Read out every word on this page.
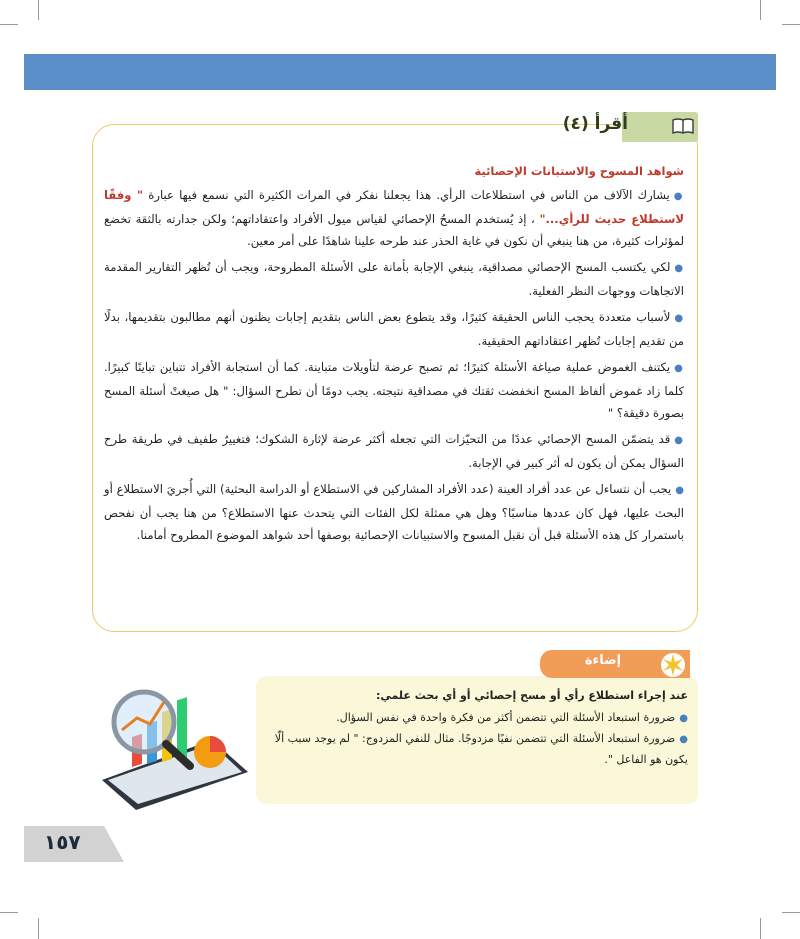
أقرأ (٤)
شواهد المسوح والاستبانات الإحصائية

●يشارك الآلاف من الناس في استطلاعات الرأي. هذا يجعلنا نفكر في المرات الكثيرة التي نسمع فيها عبارة " وفقًا لاستطلاع حديث للرأي..." ، إذ يُستخدم المسحُ الإحصائي لقياس ميول الأفراد واعتقاداتهم؛ ولكن جدارته بالثقة تخضع لمؤثرات كثيرة، من هنا ينبغي أن نكون في غاية الحذر عند طرحه علينا شاهدًا على أمر معين.

●لكي يكتسب المسح الإحصائي مصداقية، ينبغي الإجابة بأمانة على الأسئلة المطروحة، ويجب أن تُظهر التقارير المقدمة الاتجاهات ووجهات النظر الفعلية.

●لأسباب متعددة يحجب الناس الحقيقة كثيرًا، وقد يتطوع بعض الناس بتقديم إجابات يظنون أنهم مطالبون بتقديمها، بدلًا من تقديم إجابات تُظهر اعتقاداتهم الحقيقية.

●يكتنف الغموض عملية صياغة الأسئلة كثيرًا؛ ثم تصبح عرضة لتأويلات متباينة. كما أن استجابة الأفراد تتباين تباينًا كبيرًا. كلما زاد غموض ألفاظ المسح انخفضت ثقتك في مصداقية نتيجته. يجب دومًا أن تطرح السؤال: " هل صيغتْ أسئلة المسح بصورة دقيقة؟ "

●قد يتضمّن المسح الإحصائي عددًا من التحيّزات التي تجعله أكثر عرضة لإثارة الشكوك؛ فتغييرٌ طفيف في طريقة طرح السؤال يمكن أن يكون له أثر كبير في الإجابة.

●يجب أن نتساءل عن عدد أفراد العينة (عدد الأفراد المشاركين في الاستطلاع أو الدراسة البحثية) التي أُجريَ الاستطلاع أو البحث عليها، فهل كان عددها مناسبًا؟ وهل هي ممثلة لكل الفئات التي يتحدث عنها الاستطلاع؟ من هنا يجب أن نفحص باستمرار كل هذه الأسئلة قبل أن نقبل المسوح والاستبيانات الإحصائية بوصفها أحد شواهد الموضوع المطروح أمامنا.

إضاءة
عند إجراء استطلاع رأي أو مسح إحصائي أو أي بحث علمي:
●ضرورة استبعاد الأسئلة التي تتضمن أكثر من فكرة واحدة في نفس السؤال.
●ضرورة استبعاد الأسئلة التي تتضمن نفيًا مزدوجًا. مثال للنفي المزدوج: " لم يوجد سبب ألّا يكون هو الفاعل ".
١٥٧
